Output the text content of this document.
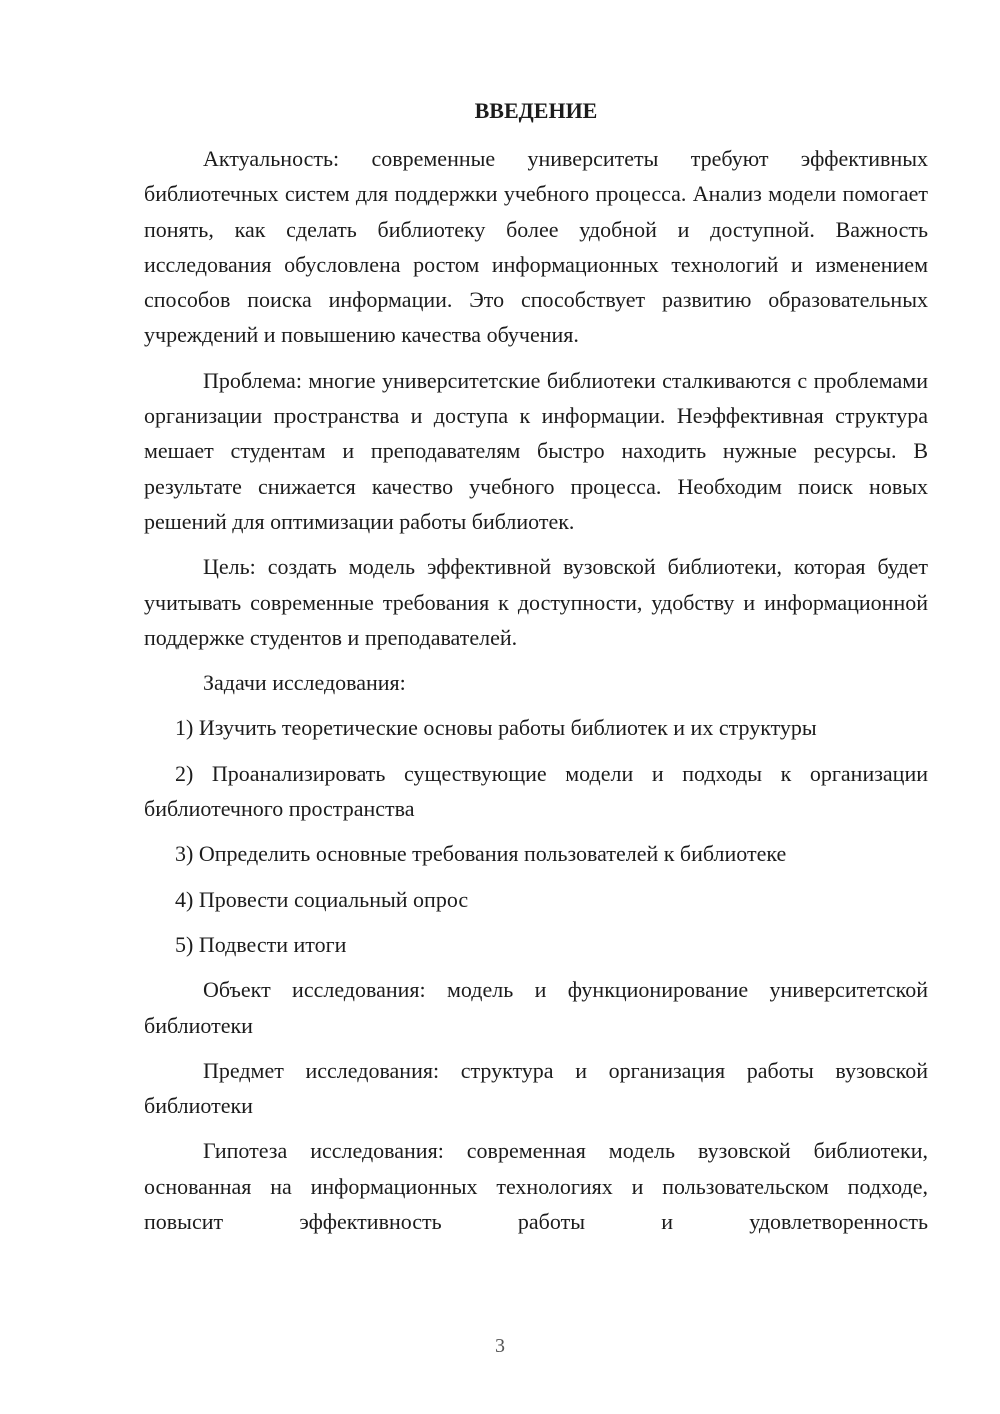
ВВЕДЕНИЕ

Актуальность: современные университеты требуют эффективных библиотечных систем для поддержки учебного процесса. Анализ модели помогает понять, как сделать библиотеку более удобной и доступной. Важность исследования обусловлена ростом информационных технологий и изменением способов поиска информации. Это способствует развитию образовательных учреждений и повышению качества обучения.

Проблема: многие университетские библиотеки сталкиваются с проблемами организации пространства и доступа к информации. Неэффективная структура мешает студентам и преподавателям быстро находить нужные ресурсы. В результате снижается качество учебного процесса. Необходим поиск новых решений для оптимизации работы библиотек.

Цель: создать модель эффективной вузовской библиотеки, которая будет учитывать современные требования к доступности, удобству и информационной поддержке студентов и преподавателей.

Задачи исследования:

1) Изучить теоретические основы работы библиотек и их структуры

2) Проанализировать существующие модели и подходы к организации библиотечного пространства

3) Определить основные требования пользователей к библиотеке

4) Провести социальный опрос

5) Подвести итоги

Объект исследования: модель и функционирование университетской библиотеки

Предмет исследования: структура и организация работы вузовской библиотеки

Гипотеза исследования: современная модель вузовской библиотеки, основанная на информационных технологиях и пользовательском подходе, повысит эффективность работы и удовлетворенность

3
